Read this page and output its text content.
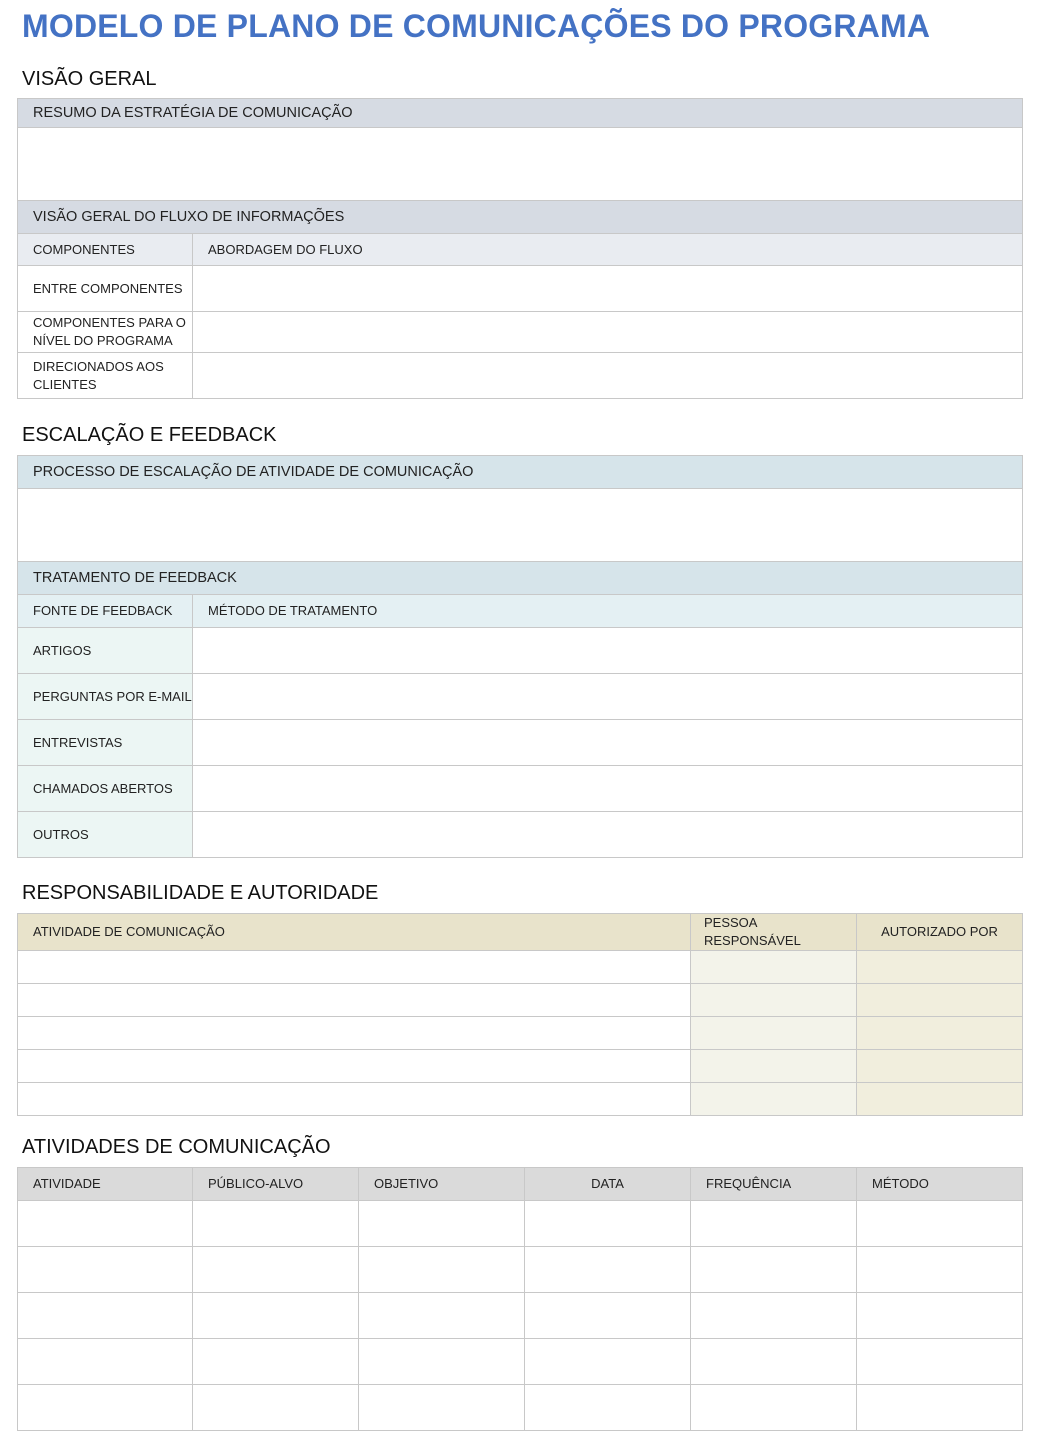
MODELO DE PLANO DE COMUNICAÇÕES DO PROGRAMA
VISÃO GERAL
RESUMO DA ESTRATÉGIA DE COMUNICAÇÃO	

VISÃO GERAL DO FLUXO DE INFORMAÇÕES	
COMPONENTES	ABORDAGEM DO FLUXO
ENTRE COMPONENTES	
COMPONENTES PARA O NÍVEL DO PROGRAMA	
DIRECIONADOS AOS CLIENTES	
ESCALAÇÃO E FEEDBACK
PROCESSO DE ESCALAÇÃO DE ATIVIDADE DE COMUNICAÇÃO	

TRATAMENTO DE FEEDBACK	
FONTE DE FEEDBACK	MÉTODO DE TRATAMENTO
ARTIGOS	
PERGUNTAS POR E-MAIL	
ENTREVISTAS	
CHAMADOS ABERTOS	
OUTROS	
RESPONSABILIDADE E AUTORIDADE
ATIVIDADE DE COMUNICAÇÃO	PESSOA RESPONSÁVEL	AUTORIZADO POR

ATIVIDADES DE COMUNICAÇÃO
ATIVIDADE	PÚBLICO-ALVO	OBJETIVO	DATA	FREQUÊNCIA	MÉTODO
